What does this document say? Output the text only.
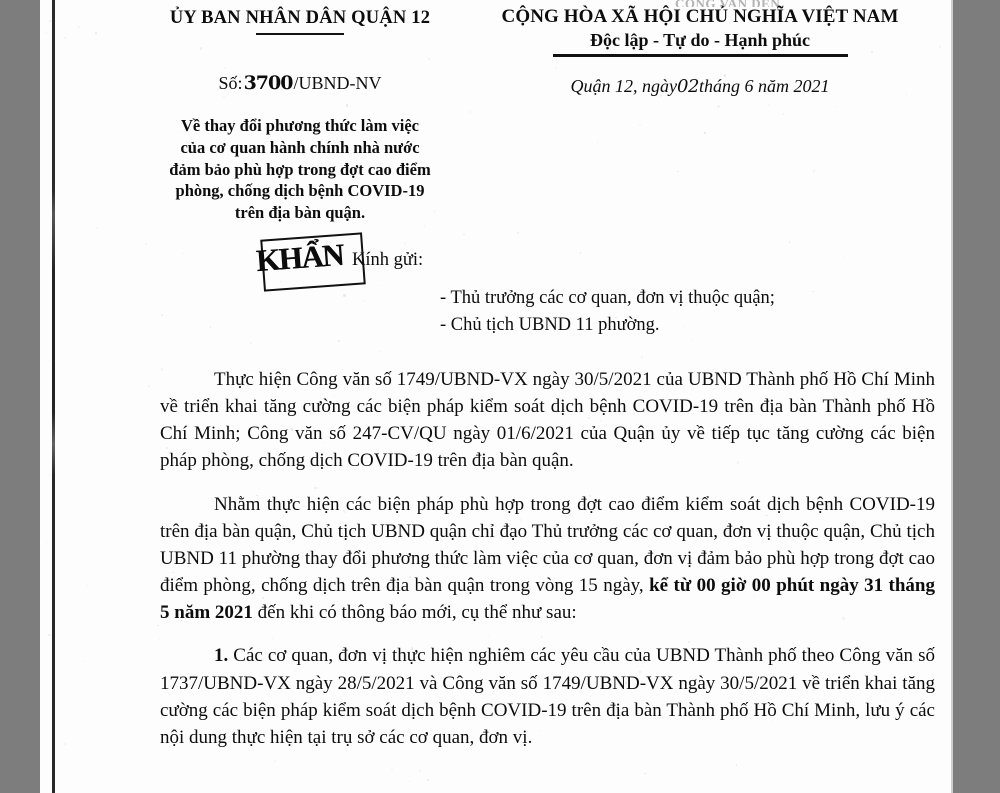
ỦY BAN NHÂN DÂN QUẬN 12	CỘNG HÒA XÃ HỘI CHỦ NGHĨA VIỆT NAM
Độc lập - Tự do - Hạnh phúc
Số:3700/UBND-NV	Quận 12, ngày02tháng 6 năm 2021
Về thay đổi phương thức làm việc
của cơ quan hành chính nhà nước
đảm bảo phù hợp trong đợt cao điểm
phòng, chống dịch bệnh COVID-19
trên địa bàn quận.
KHẨN Kính gửi:
- Thủ trưởng các cơ quan, đơn vị thuộc quận;
- Chủ tịch UBND 11 phường.

Thực hiện Công văn số 1749/UBND-VX ngày 30/5/2021 của UBND Thành phố Hồ Chí Minh về triển khai tăng cường các biện pháp kiểm soát dịch bệnh COVID-19 trên địa bàn Thành phố Hồ Chí Minh; Công văn số 247-CV/QU ngày 01/6/2021 của Quận ủy về tiếp tục tăng cường các biện pháp phòng, chống dịch COVID-19 trên địa bàn quận.

Nhằm thực hiện các biện pháp phù hợp trong đợt cao điểm kiểm soát dịch bệnh COVID-19 trên địa bàn quận, Chủ tịch UBND quận chỉ đạo Thủ trưởng các cơ quan, đơn vị thuộc quận, Chủ tịch UBND 11 phường thay đổi phương thức làm việc của cơ quan, đơn vị đảm bảo phù hợp trong đợt cao điểm phòng, chống dịch trên địa bàn quận trong vòng 15 ngày, kể từ 00 giờ 00 phút ngày 31 tháng 5 năm 2021 đến khi có thông báo mới, cụ thể như sau:

1. Các cơ quan, đơn vị thực hiện nghiêm các yêu cầu của UBND Thành phố theo Công văn số 1737/UBND-VX ngày 28/5/2021 và Công văn số 1749/UBND-VX ngày 30/5/2021 về triển khai tăng cường các biện pháp kiểm soát dịch bệnh COVID-19 trên địa bàn Thành phố Hồ Chí Minh, lưu ý các nội dung thực hiện tại trụ sở các cơ quan, đơn vị.
